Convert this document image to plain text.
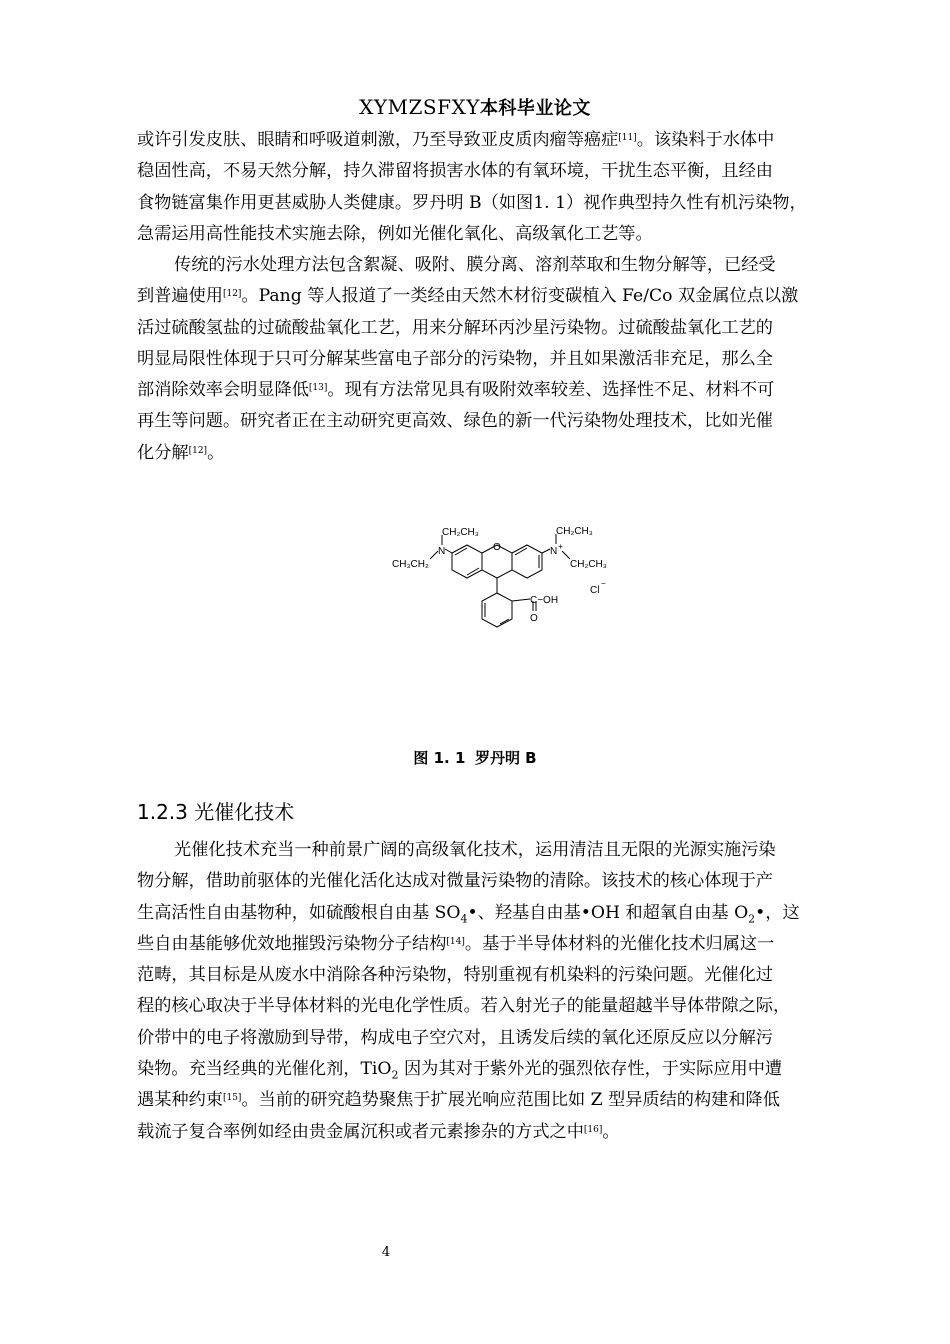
XYMZSFXY本科毕业论文
或许引发皮肤、眼睛和呼吸道刺激，乃至导致亚皮质肉瘤等癌症[11]。该染料于水体中
稳固性高，不易天然分解，持久滞留将损害水体的有氧环境，干扰生态平衡，且经由
食物链富集作用更甚威胁人类健康。罗丹明 B（如图1. 1）视作典型持久性有机污染物，
急需运用高性能技术实施去除，例如光催化氧化、高级氧化工艺等。
传统的污水处理方法包含絮凝、吸附、膜分离、溶剂萃取和生物分解等，已经受
到普遍使用[12]。Pang 等人报道了一类经由天然木材衍变碳植入 Fe/Co 双金属位点以激
活过硫酸氢盐的过硫酸盐氧化工艺，用来分解环丙沙星污染物。过硫酸盐氧化工艺的
明显局限性体现于只可分解某些富电子部分的污染物，并且如果激活非充足，那么全
部消除效率会明显降低[13]。现有方法常见具有吸附效率较差、选择性不足、材料不可
再生等问题。研究者正在主动研究更高效、绿色的新一代污染物处理技术，比如光催
化分解[12]。
CH₂CH₃
N
CH₃CH₂
O
CH₂CH₃
N +
CH₂CH₃
Cl
−
C−OH
O
图 1. 1 罗丹明 B
1.2.3 光催化技术
光催化技术充当一种前景广阔的高级氧化技术，运用清洁且无限的光源实施污染
物分解，借助前驱体的光催化活化达成对微量污染物的清除。该技术的核心体现于产
生高活性自由基物种，如硫酸根自由基 $SO_4•$、羟基自由基•OH 和超氧自由基 $O_2•$，这
些自由基能够优效地摧毁污染物分子结构[14]。基于半导体材料的光催化技术归属这一
范畴，其目标是从废水中消除各种污染物，特别重视有机染料的污染问题。光催化过
程的核心取决于半导体材料的光电化学性质。若入射光子的能量超越半导体带隙之际，
价带中的电子将激励到导带，构成电子空穴对，且诱发后续的氧化还原反应以分解污
染物。充当经典的光催化剂，TiO$_2$ 因为其对于紫外光的强烈依存性，于实际应用中遭
遇某种约束[15]。当前的研究趋势聚焦于扩展光响应范围比如 Z 型异质结的构建和降低
载流子复合率例如经由贵金属沉积或者元素掺杂的方式之中[16]。
4
